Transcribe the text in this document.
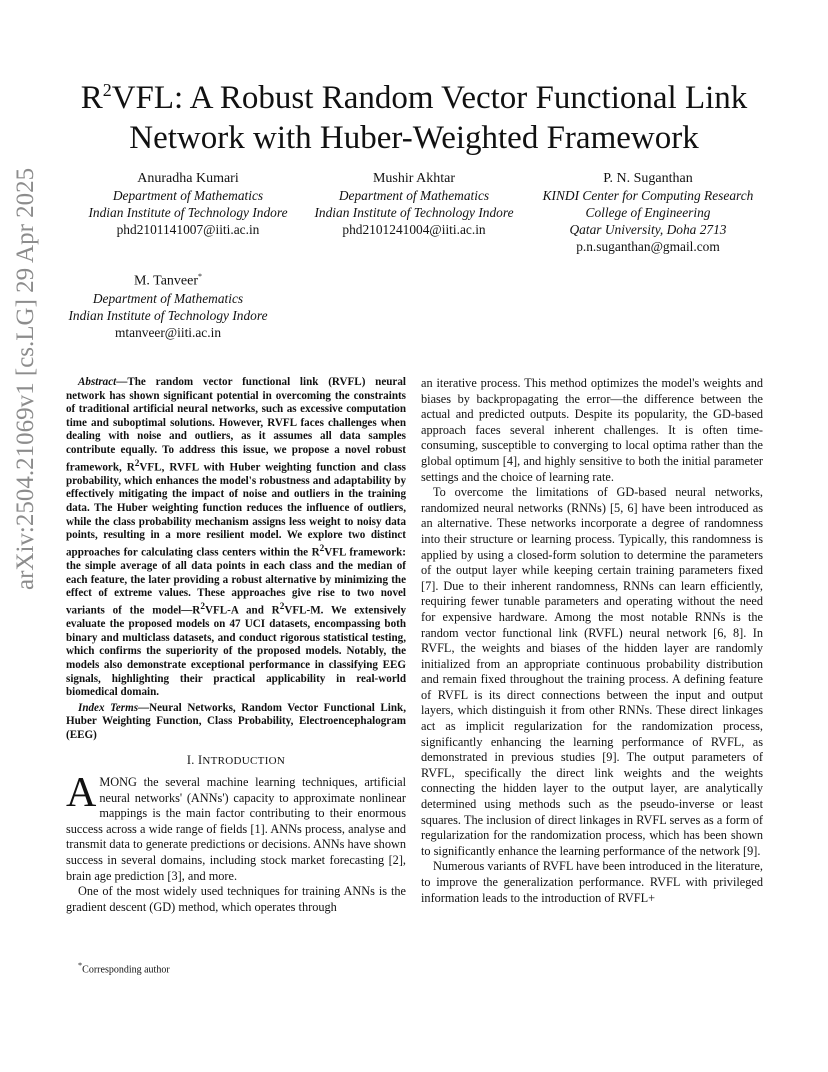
$R^2VFL$: A Robust Random Vector Functional Link
Network with Huber-Weighted Framework
Anuradha Kumari
Department of Mathematics
Indian Institute of Technology Indore
phd2101141007@iiti.ac.in
Mushir Akhtar
Department of Mathematics
Indian Institute of Technology Indore
phd2101241004@iiti.ac.in
P. N. Suganthan
KINDI Center for Computing Research
College of Engineering
Qatar University, Doha 2713
p.n.suganthan@gmail.com
M. Tanveer*
Department of Mathematics
Indian Institute of Technology Indore
mtanveer@iiti.ac.in
arXiv:2504.21069v1 [cs.LG] 29 Apr 2025	Abstract—The random vector functional link (RVFL) neural network has shown significant potential in overcoming the constraints of traditional artificial neural networks, such as excessive computation time and suboptimal solutions. However, RVFL faces challenges when dealing with noise and outliers, as it assumes all data samples contribute equally. To address this issue, we propose a novel robust framework, $R^2VFL$, RVFL with Huber weighting function and class probability, which enhances the model's robustness and adaptability by effectively mitigating the impact of noise and outliers in the training data. The Huber weighting function reduces the influence of outliers, while the class probability mechanism assigns less weight to noisy data points, resulting in a more resilient model. We explore two distinct approaches for calculating class centers within the $R^2VFL$ framework: the simple average of all data points in each class and the median of each feature, the later providing a robust alternative by minimizing the effect of extreme values. These approaches give rise to two novel variants of the $model—R^2VFL-A$ and $R^2VFL-M$. We extensively evaluate the proposed models on 47 UCI datasets, encompassing both binary and multiclass datasets, and conduct rigorous statistical testing, which confirms the superiority of the proposed models. Notably, the models also demonstrate exceptional performance in classifying EEG signals, highlighting their practical applicability in real-world biomedical domain.

Index Terms—Neural Networks, Random Vector Functional Link, Huber Weighting Function, Class Probability, Electroencephalogram (EEG)

I. INTRODUCTION

AMONG the several machine learning techniques, artificial neural networks' (ANNs') capacity to approximate nonlinear mappings is the main factor contributing to their enormous success across a wide range of fields [1]. ANNs process, analyse and transmit data to generate predictions or decisions. ANNs have shown success in several domains, including stock market forecasting [2], brain age prediction [3], and more.

One of the most widely used techniques for training ANNs is the gradient descent (GD) method, which operates through

*Corresponding author

an iterative process. This method optimizes the model's weights and biases by backpropagating the error—the difference between the actual and predicted outputs. Despite its popularity, the GD-based approach faces several inherent challenges. It is often time-consuming, susceptible to converging to local optima rather than the global optimum [4], and highly sensitive to both the initial parameter settings and the choice of learning rate.

To overcome the limitations of GD-based neural networks, randomized neural networks (RNNs) [5, 6] have been introduced as an alternative. These networks incorporate a degree of randomness into their structure or learning process. Typically, this randomness is applied by using a closed-form solution to determine the parameters of the output layer while keeping certain training parameters fixed [7]. Due to their inherent randomness, RNNs can learn efficiently, requiring fewer tunable parameters and operating without the need for expensive hardware. Among the most notable RNNs is the random vector functional link (RVFL) neural network [6, 8]. In RVFL, the weights and biases of the hidden layer are randomly initialized from an appropriate continuous probability distribution and remain fixed throughout the training process. A defining feature of RVFL is its direct connections between the input and output layers, which distinguish it from other RNNs. These direct linkages act as implicit regularization for the randomization process, significantly enhancing the learning performance of RVFL, as demonstrated in previous studies [9]. The output parameters of RVFL, specifically the direct link weights and the weights connecting the hidden layer to the output layer, are analytically determined using methods such as the pseudo-inverse or least squares. The inclusion of direct linkages in RVFL serves as a form of regularization for the randomization process, which has been shown to significantly enhance the learning performance of the network [9].

Numerous variants of RVFL have been introduced in the literature, to improve the generalization performance. RVFL with privileged information leads to the introduction of RVFL+
